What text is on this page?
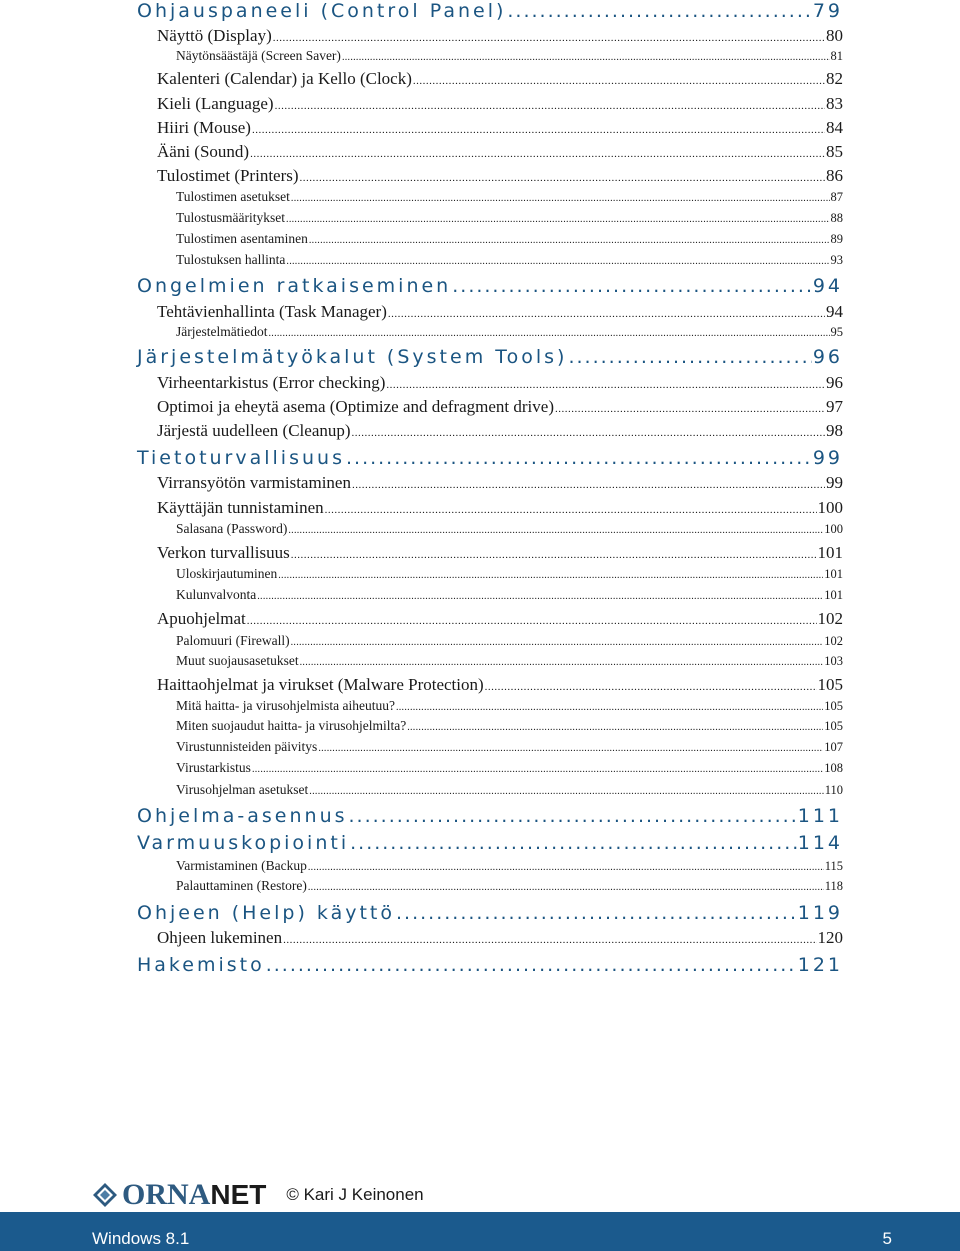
Ohjauspaneeli (Control Panel) .....	79
Näyttö (Display) .....	80
Näytönsäästäjä (Screen Saver) .....	81
Kalenteri (Calendar) ja Kello (Clock) .....	82
Kieli (Language) .....	83
Hiiri (Mouse) .....	84
Ääni (Sound) .....	85
Tulostimet (Printers) .....	86
Tulostimen asetukset .....	87
Tulostusmääritykset .....	88
Tulostimen asentaminen .....	89
Tulostuksen hallinta .....	93
Ongelmien ratkaiseminen .....	94
Tehtävienhallinta (Task Manager) .....	94
Järjestelmätiedot .....	95
Järjestelmätyökalut (System Tools) .....	96
Virheentarkistus (Error checking) .....	96
Optimoi ja eheytä asema (Optimize and defragment drive) .....	97
Järjestä uudelleen (Cleanup) .....	98
Tietoturvallisuus .....	99
Virransyötön varmistaminen .....	99
Käyttäjän tunnistaminen .....	100
Salasana (Password) .....	100
Verkon turvallisuus .....	101
Uloskirjautuminen .....	101
Kulunvalvonta .....	101
Apuohjelmat .....	102
Palomuuri (Firewall) .....	102
Muut suojausasetukset .....	103
Haittaohjelmat ja virukset (Malware Protection) .....	105
Mitä haitta- ja virusohjelmista aiheutuu? .....	105
Miten suojaudut haitta- ja virusohjelmilta? .....	105
Virustunnisteiden päivitys .....	107
Virustarkistus .....	108
Virusohjelman asetukset .....	110
Ohjelma-asennus .....	111
Varmuuskopiointi .....	114
Varmistaminen (Backup .....	115
Palauttaminen (Restore) .....	118
Ohjeen (Help) käyttö .....	119
Ohjeen lukeminen .....	120
Hakemisto .....	121
ORNANET © Kari J Keinonen
Windows 8.1	5
